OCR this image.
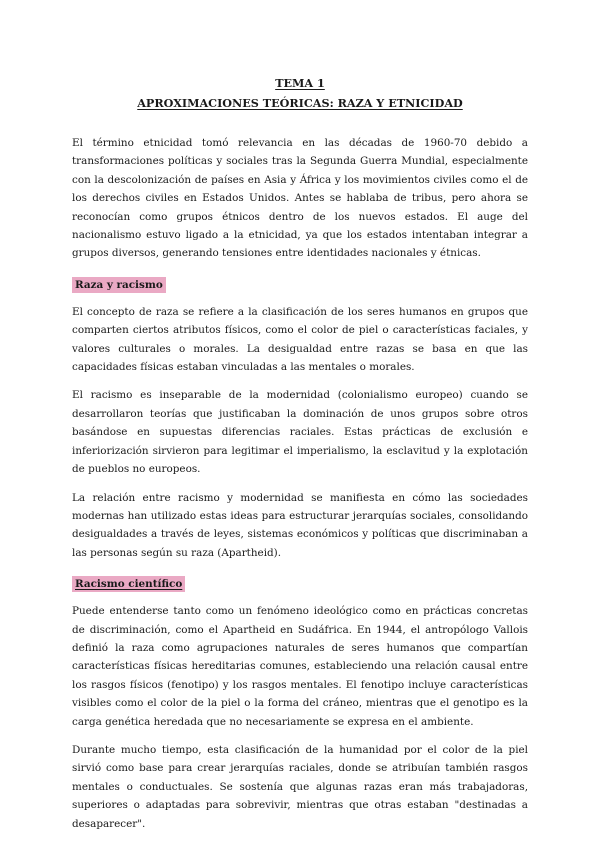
TEMA 1
APROXIMACIONES TEÓRICAS: RAZA Y ETNICIDAD

El término etnicidad tomó relevancia en las décadas de 1960-70 debido a transformaciones políticas y sociales tras la Segunda Guerra Mundial, especialmente con la descolonización de países en Asia y África y los movimientos civiles como el de los derechos civiles en Estados Unidos. Antes se hablaba de tribus, pero ahora se reconocían como grupos étnicos dentro de los nuevos estados. El auge del nacionalismo estuvo ligado a la etnicidad, ya que los estados intentaban integrar a grupos diversos, generando tensiones entre identidades nacionales y étnicas.

Raza y racismo

El concepto de raza se refiere a la clasificación de los seres humanos en grupos que comparten ciertos atributos físicos, como el color de piel o características faciales, y valores culturales o morales. La desigualdad entre razas se basa en que las capacidades físicas estaban vinculadas a las mentales o morales.

El racismo es inseparable de la modernidad (colonialismo europeo) cuando se desarrollaron teorías que justificaban la dominación de unos grupos sobre otros basándose en supuestas diferencias raciales. Estas prácticas de exclusión e inferiorización sirvieron para legitimar el imperialismo, la esclavitud y la explotación de pueblos no europeos.

La relación entre racismo y modernidad se manifiesta en cómo las sociedades modernas han utilizado estas ideas para estructurar jerarquías sociales, consolidando desigualdades a través de leyes, sistemas económicos y políticas que discriminaban a las personas según su raza (Apartheid).

Racismo científico

Puede entenderse tanto como un fenómeno ideológico como en prácticas concretas de discriminación, como el Apartheid en Sudáfrica. En 1944, el antropólogo Vallois definió la raza como agrupaciones naturales de seres humanos que compartían características físicas hereditarias comunes, estableciendo una relación causal entre los rasgos físicos (fenotipo) y los rasgos mentales. El fenotipo incluye características visibles como el color de la piel o la forma del cráneo, mientras que el genotipo es la carga genética heredada que no necesariamente se expresa en el ambiente.

Durante mucho tiempo, esta clasificación de la humanidad por el color de la piel sirvió como base para crear jerarquías raciales, donde se atribuían también rasgos mentales o conductuales. Se sostenía que algunas razas eran más trabajadoras, superiores o adaptadas para sobrevivir, mientras que otras estaban "destinadas a desaparecer".
